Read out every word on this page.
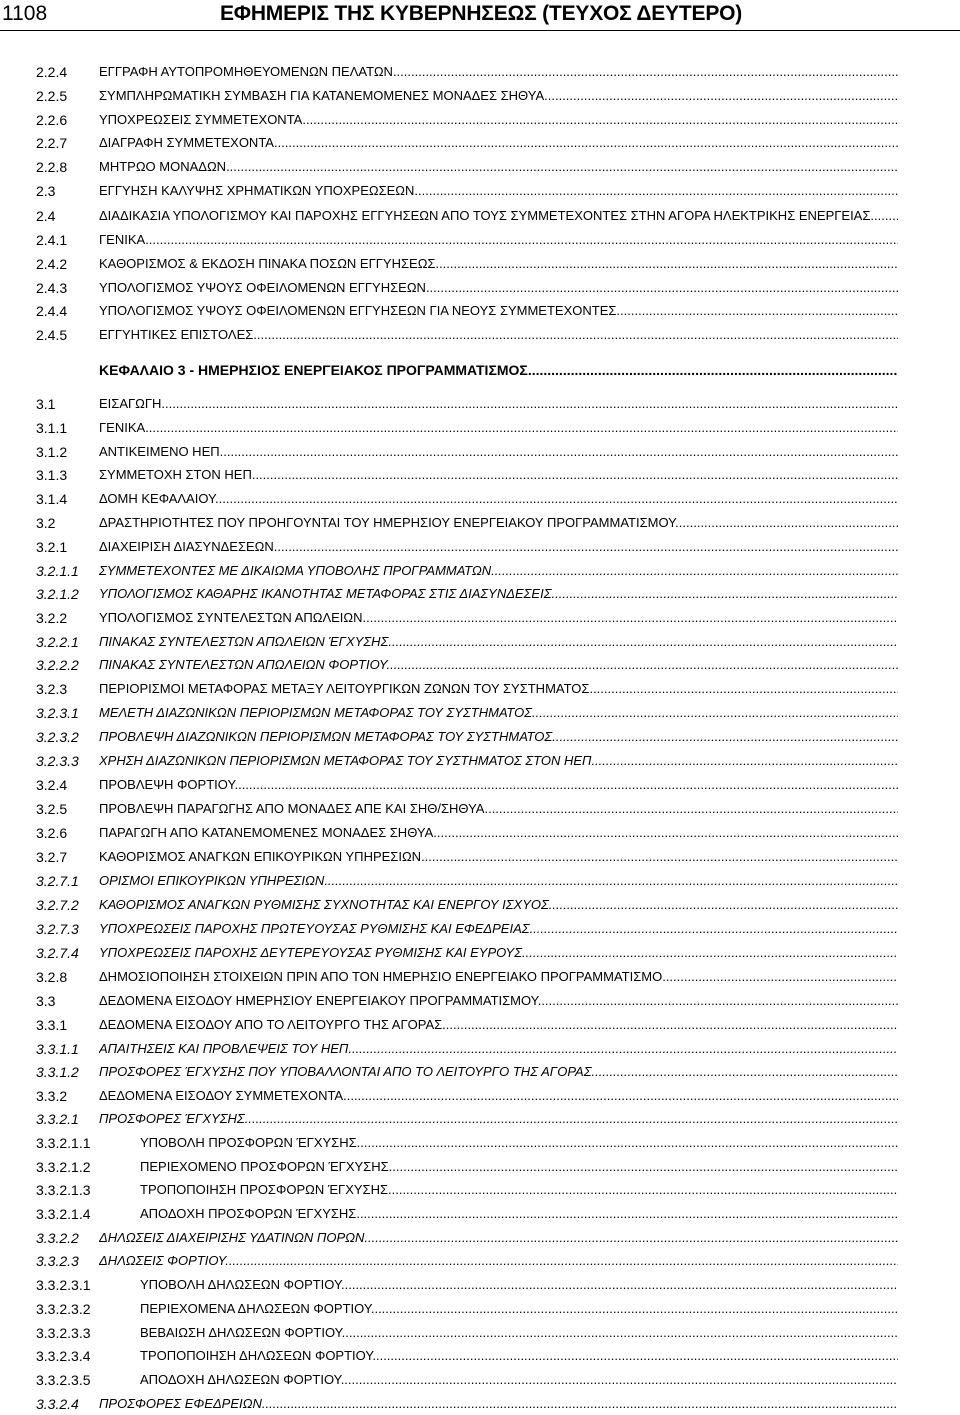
1108	ΕΦΗΜΕΡΙΣ ΤΗΣ ΚΥΒΕΡΝΗΣΕΩΣ (ΤΕΥΧΟΣ ΔΕΥΤΕΡΟ)
2.2.4 ΕΓΓΡΑΦΗ ΑΥΤΟΠΡΟΜΗΘΕΥΟΜΕΝΩΝ ΠΕΛΑΤΩΝ .....
2.2.5 ΣΥΜΠΛΗΡΩΜΑΤΙΚΗ ΣΥΜΒΑΣΗ ΓΙΑ ΚΑΤΑΝΕΜΟΜΕΝΕΣ ΜΟΝΑΔΕΣ ΣΗΘΥΑ .....
2.2.6 ΥΠΟΧΡΕΩΣΕΙΣ ΣΥΜΜΕΤΕΧΟΝΤΑ .....
2.2.7 ΔΙΑΓΡΑΦΗ ΣΥΜΜΕΤΕΧΟΝΤΑ .....
2.2.8 ΜΗΤΡΩΟ ΜΟΝΑΔΩΝ .....
2.3	ΕΓΓΥΗΣΗ ΚΑΛΥΨΗΣ ΧΡΗΜΑΤΙΚΩΝ ΥΠΟΧΡΕΩΣΕΩΝ .....
2.4	ΔΙΑΔΙΚΑΣΙΑ ΥΠΟΛΟΓΙΣΜΟΥ ΚΑΙ ΠΑΡΟΧΗΣ ΕΓΓΥΗΣΕΩΝ ΑΠΟ ΤΟΥΣ ΣΥΜΜΕΤΕΧΟΝΤΕΣ ΣΤΗΝ ΑΓΟΡΑ ΗΛΕΚΤΡΙΚΗΣ ΕΝΕΡΓΕΙΑΣ .....
2.4.1 ΓΕΝΙΚΑ .....
2.4.2 ΚΑΘΟΡΙΣΜΟΣ & ΕΚΔΟΣΗ ΠΙΝΑΚΑ ΠΟΣΩΝ ΕΓΓΥΗΣΕΩΣ .....
2.4.3 ΥΠΟΛΟΓΙΣΜΟΣ ΥΨΟΥΣ ΟΦΕΙΛΟΜΕΝΩΝ ΕΓΓΥΗΣΕΩΝ .....
2.4.4 ΥΠΟΛΟΓΙΣΜΟΣ ΥΨΟΥΣ ΟΦΕΙΛΟΜΕΝΩΝ ΕΓΓΥΗΣΕΩΝ ΓΙΑ ΝΕΟΥΣ ΣΥΜΜΕΤΕΧΟΝΤΕΣ .....
2.4.5 ΕΓΓΥΗΤΙΚΕΣ ΕΠΙΣΤΟΛΕΣ .....
ΚΕΦΑΛΑΙΟ 3 - ΗΜΕΡΗΣΙΟΣ ΕΝΕΡΓΕΙΑΚΟΣ ΠΡΟΓΡΑΜΜΑΤΙΣΜΟΣ .....
3.1	ΕΙΣΑΓΩΓΗ .....
3.1.1 ΓΕΝΙΚΑ .....
3.1.2 ΑΝΤΙΚΕΙΜΕΝΟ ΗΕΠ .....
3.1.3 ΣΥΜΜΕΤΟΧΗ ΣΤΟΝ ΗΕΠ .....
3.1.4 ΔΟΜΗ ΚΕΦΑΛΑΙΟΥ .....
3.2	ΔΡΑΣΤΗΡΙΟΤΗΤΕΣ ΠΟΥ ΠΡΟΗΓΟΥΝΤΑΙ ΤΟΥ ΗΜΕΡΗΣΙΟΥ ΕΝΕΡΓΕΙΑΚΟΥ ΠΡΟΓΡΑΜΜΑΤΙΣΜΟΥ .....
3.2.1 ΔΙΑΧΕΙΡΙΣΗ ΔΙΑΣΥΝΔΕΣΕΩΝ .....
3.2.1.1 ΣΥΜΜΕΤΕΧΟΝΤΕΣ ΜΕ ΔΙΚΑΙΩΜΑ ΥΠΟΒΟΛΗΣ ΠΡΟΓΡΑΜΜΑΤΩΝ .....
3.2.1.2 ΥΠΟΛΟΓΙΣΜΟΣ ΚΑΘΑΡΗΣ ΙΚΑΝΟΤΗΤΑΣ ΜΕΤΑΦΟΡΑΣ ΣΤΙΣ ΔΙΑΣΥΝΔΕΣΕΙΣ .....
3.2.2 ΥΠΟΛΟΓΙΣΜΟΣ ΣΥΝΤΕΛΕΣΤΩΝ ΑΠΩΛΕΙΩΝ .....
3.2.2.1 ΠΙΝΑΚΑΣ ΣΥΝΤΕΛΕΣΤΩΝ ΑΠΩΛΕΙΩΝ ΈΓΧΥΣΗΣ .....
3.2.2.2 ΠΙΝΑΚΑΣ ΣΥΝΤΕΛΕΣΤΩΝ ΑΠΩΛΕΙΩΝ ΦΟΡΤΙΟΥ .....
3.2.3 ΠΕΡΙΟΡΙΣΜΟΙ ΜΕΤΑΦΟΡΑΣ ΜΕΤΑΞΥ ΛΕΙΤΟΥΡΓΙΚΩΝ ΖΩΝΩΝ ΤΟΥ ΣΥΣΤΗΜΑΤΟΣ .....
3.2.3.1 ΜΕΛΕΤΗ ΔΙΑΖΩΝΙΚΩΝ ΠΕΡΙΟΡΙΣΜΩΝ ΜΕΤΑΦΟΡΑΣ ΤΟΥ ΣΥΣΤΗΜΑΤΟΣ .....
3.2.3.2 ΠΡΟΒΛΕΨΗ ΔΙΑΖΩΝΙΚΩΝ ΠΕΡΙΟΡΙΣΜΩΝ ΜΕΤΑΦΟΡΑΣ ΤΟΥ ΣΥΣΤΗΜΑΤΟΣ .....
3.2.3.3 ΧΡΗΣΗ ΔΙΑΖΩΝΙΚΩΝ ΠΕΡΙΟΡΙΣΜΩΝ ΜΕΤΑΦΟΡΑΣ ΤΟΥ ΣΥΣΤΗΜΑΤΟΣ ΣΤΟΝ ΗΕΠ .....
3.2.4 ΠΡΟΒΛΕΨΗ ΦΟΡΤΙΟΥ .....
3.2.5 ΠΡΟΒΛΕΨΗ ΠΑΡΑΓΩΓΗΣ ΑΠΟ ΜΟΝΑΔΕΣ ΑΠΕ ΚΑΙ ΣΗΘ/ΣΗΘΥΑ .....
3.2.6 ΠΑΡΑΓΩΓΗ ΑΠΟ ΚΑΤΑΝΕΜΟΜΕΝΕΣ ΜΟΝΑΔΕΣ ΣΗΘΥΑ .....
3.2.7 ΚΑΘΟΡΙΣΜΟΣ ΑΝΑΓΚΩΝ ΕΠΙΚΟΥΡΙΚΩΝ ΥΠΗΡΕΣΙΩΝ .....
3.2.7.1 ΟΡΙΣΜΟΙ ΕΠΙΚΟΥΡΙΚΩΝ ΥΠΗΡΕΣΙΩΝ .....
3.2.7.2 ΚΑΘΟΡΙΣΜΟΣ ΑΝΑΓΚΩΝ ΡΥΘΜΙΣΗΣ ΣΥΧΝΟΤΗΤΑΣ ΚΑΙ ΕΝΕΡΓΟΥ ΙΣΧΥΟΣ .....
3.2.7.3 ΥΠΟΧΡΕΩΣΕΙΣ ΠΑΡΟΧΗΣ ΠΡΩΤΕΥΟΥΣΑΣ ΡΥΘΜΙΣΗΣ ΚΑΙ ΕΦΕΔΡΕΙΑΣ .....
3.2.7.4 ΥΠΟΧΡΕΩΣΕΙΣ ΠΑΡΟΧΗΣ ΔΕΥΤΕΡΕΥΟΥΣΑΣ ΡΥΘΜΙΣΗΣ ΚΑΙ ΕΥΡΟΥΣ .....
3.2.8 ΔΗΜΟΣΙΟΠΟΙΗΣΗ ΣΤΟΙΧΕΙΩΝ ΠΡΙΝ ΑΠΟ ΤΟΝ ΗΜΕΡΗΣΙΟ ΕΝΕΡΓΕΙΑΚΟ ΠΡΟΓΡΑΜΜΑΤΙΣΜΟ .....
3.3	ΔΕΔΟΜΕΝΑ ΕΙΣΟΔΟΥ ΗΜΕΡΗΣΙΟΥ ΕΝΕΡΓΕΙΑΚΟΥ ΠΡΟΓΡΑΜΜΑΤΙΣΜΟΥ .....
3.3.1 ΔΕΔΟΜΕΝΑ ΕΙΣΟΔΟΥ ΑΠΟ ΤΟ ΛΕΙΤΟΥΡΓΟ ΤΗΣ ΑΓΟΡΑΣ .....
3.3.1.1 ΑΠΑΙΤΗΣΕΙΣ ΚΑΙ ΠΡΟΒΛΕΨΕΙΣ ΤΟΥ ΗΕΠ .....
3.3.1.2 ΠΡΟΣΦΟΡΕΣ ΈΓΧΥΣΗΣ ΠΟΥ ΥΠΟΒΑΛΛΟΝΤΑΙ ΑΠΟ ΤΟ ΛΕΙΤΟΥΡΓΟ ΤΗΣ ΑΓΟΡΑΣ .....
3.3.2 ΔΕΔΟΜΕΝΑ ΕΙΣΟΔΟΥ ΣΥΜΜΕΤΕΧΟΝΤΑ .....
3.3.2.1 ΠΡΟΣΦΟΡΕΣ ΈΓΧΥΣΗΣ .....
3.3.2.1.1	ΥΠΟΒΟΛΗ ΠΡΟΣΦΟΡΩΝ ΈΓΧΥΣΗΣ .....
3.3.2.1.2	ΠΕΡΙΕΧΟΜΕΝΟ ΠΡΟΣΦΟΡΩΝ ΈΓΧΥΣΗΣ .....
3.3.2.1.3	ΤΡΟΠΟΠΟΙΗΣΗ ΠΡΟΣΦΟΡΩΝ ΈΓΧΥΣΗΣ .....
3.3.2.1.4	ΑΠΟΔΟΧΗ ΠΡΟΣΦΟΡΩΝ ΈΓΧΥΣΗΣ .....
3.3.2.2 ΔΗΛΩΣΕΙΣ ΔΙΑΧΕΙΡΙΣΗΣ ΥΔΑΤΙΝΩΝ ΠΟΡΩΝ .....
3.3.2.3 ΔΗΛΩΣΕΙΣ ΦΟΡΤΙΟΥ .....
3.3.2.3.1	ΥΠΟΒΟΛΗ ΔΗΛΩΣΕΩΝ ΦΟΡΤΙΟΥ .....
3.3.2.3.2	ΠΕΡΙΕΧΟΜΕΝΑ ΔΗΛΩΣΕΩΝ ΦΟΡΤΙΟΥ .....
3.3.2.3.3	ΒΕΒΑΙΩΣΗ ΔΗΛΩΣΕΩΝ ΦΟΡΤΙΟΥ .....
3.3.2.3.4	ΤΡΟΠΟΠΟΙΗΣΗ ΔΗΛΩΣΕΩΝ ΦΟΡΤΙΟΥ .....
3.3.2.3.5	ΑΠΟΔΟΧΗ ΔΗΛΩΣΕΩΝ ΦΟΡΤΙΟΥ .....
3.3.2.4 ΠΡΟΣΦΟΡΕΣ ΕΦΕΔΡΕΙΩΝ .....
